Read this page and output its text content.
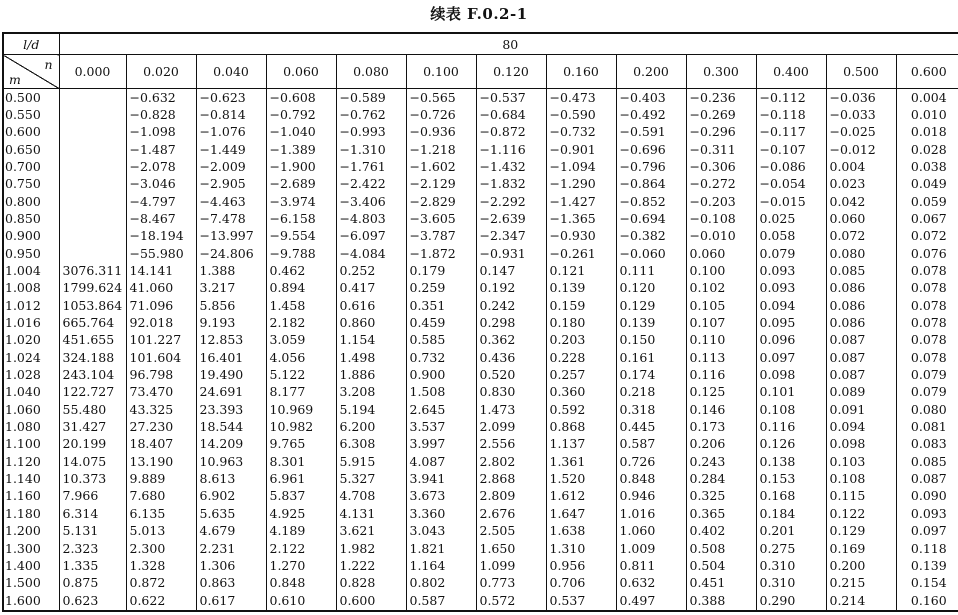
续表 F.0.2-1
l/d	80												

n
m	0.000	0.020	0.040	0.060	0.080	0.100	0.120	0.160	0.200	0.300	0.400	0.500	0.600
0.500		−0.632	−0.623	−0.608	−0.589	−0.565	−0.537	−0.473	−0.403	−0.236	−0.112	−0.036	0.004
0.550		−0.828	−0.814	−0.792	−0.762	−0.726	−0.684	−0.590	−0.492	−0.269	−0.118	−0.033	0.010
0.600		−1.098	−1.076	−1.040	−0.993	−0.936	−0.872	−0.732	−0.591	−0.296	−0.117	−0.025	0.018
0.650		−1.487	−1.449	−1.389	−1.310	−1.218	−1.116	−0.901	−0.696	−0.311	−0.107	−0.012	0.028
0.700		−2.078	−2.009	−1.900	−1.761	−1.602	−1.432	−1.094	−0.796	−0.306	−0.086	0.004	0.038
0.750		−3.046	−2.905	−2.689	−2.422	−2.129	−1.832	−1.290	−0.864	−0.272	−0.054	0.023	0.049
0.800		−4.797	−4.463	−3.974	−3.406	−2.829	−2.292	−1.427	−0.852	−0.203	−0.015	0.042	0.059
0.850		−8.467	−7.478	−6.158	−4.803	−3.605	−2.639	−1.365	−0.694	−0.108	0.025	0.060	0.067
0.900		−18.194	−13.997	−9.554	−6.097	−3.787	−2.347	−0.930	−0.382	−0.010	0.058	0.072	0.072
0.950		−55.980	−24.806	−9.788	−4.084	−1.872	−0.931	−0.261	−0.060	0.060	0.079	0.080	0.076
1.004	3076.311	14.141	1.388	0.462	0.252	0.179	0.147	0.121	0.111	0.100	0.093	0.085	0.078
1.008	1799.624	41.060	3.217	0.894	0.417	0.259	0.192	0.139	0.120	0.102	0.093	0.086	0.078
1.012	1053.864	71.096	5.856	1.458	0.616	0.351	0.242	0.159	0.129	0.105	0.094	0.086	0.078
1.016	665.764	92.018	9.193	2.182	0.860	0.459	0.298	0.180	0.139	0.107	0.095	0.086	0.078
1.020	451.655	101.227	12.853	3.059	1.154	0.585	0.362	0.203	0.150	0.110	0.096	0.087	0.078
1.024	324.188	101.604	16.401	4.056	1.498	0.732	0.436	0.228	0.161	0.113	0.097	0.087	0.078
1.028	243.104	96.798	19.490	5.122	1.886	0.900	0.520	0.257	0.174	0.116	0.098	0.087	0.079
1.040	122.727	73.470	24.691	8.177	3.208	1.508	0.830	0.360	0.218	0.125	0.101	0.089	0.079
1.060	55.480	43.325	23.393	10.969	5.194	2.645	1.473	0.592	0.318	0.146	0.108	0.091	0.080
1.080	31.427	27.230	18.544	10.982	6.200	3.537	2.099	0.868	0.445	0.173	0.116	0.094	0.081
1.100	20.199	18.407	14.209	9.765	6.308	3.997	2.556	1.137	0.587	0.206	0.126	0.098	0.083
1.120	14.075	13.190	10.963	8.301	5.915	4.087	2.802	1.361	0.726	0.243	0.138	0.103	0.085
1.140	10.373	9.889	8.613	6.961	5.327	3.941	2.868	1.520	0.848	0.284	0.153	0.108	0.087
1.160	7.966	7.680	6.902	5.837	4.708	3.673	2.809	1.612	0.946	0.325	0.168	0.115	0.090
1.180	6.314	6.135	5.635	4.925	4.131	3.360	2.676	1.647	1.016	0.365	0.184	0.122	0.093
1.200	5.131	5.013	4.679	4.189	3.621	3.043	2.505	1.638	1.060	0.402	0.201	0.129	0.097
1.300	2.323	2.300	2.231	2.122	1.982	1.821	1.650	1.310	1.009	0.508	0.275	0.169	0.118
1.400	1.335	1.328	1.306	1.270	1.222	1.164	1.099	0.956	0.811	0.504	0.310	0.200	0.139
1.500	0.875	0.872	0.863	0.848	0.828	0.802	0.773	0.706	0.632	0.451	0.310	0.215	0.154
1.600	0.623	0.622	0.617	0.610	0.600	0.587	0.572	0.537	0.497	0.388	0.290	0.214	0.160
